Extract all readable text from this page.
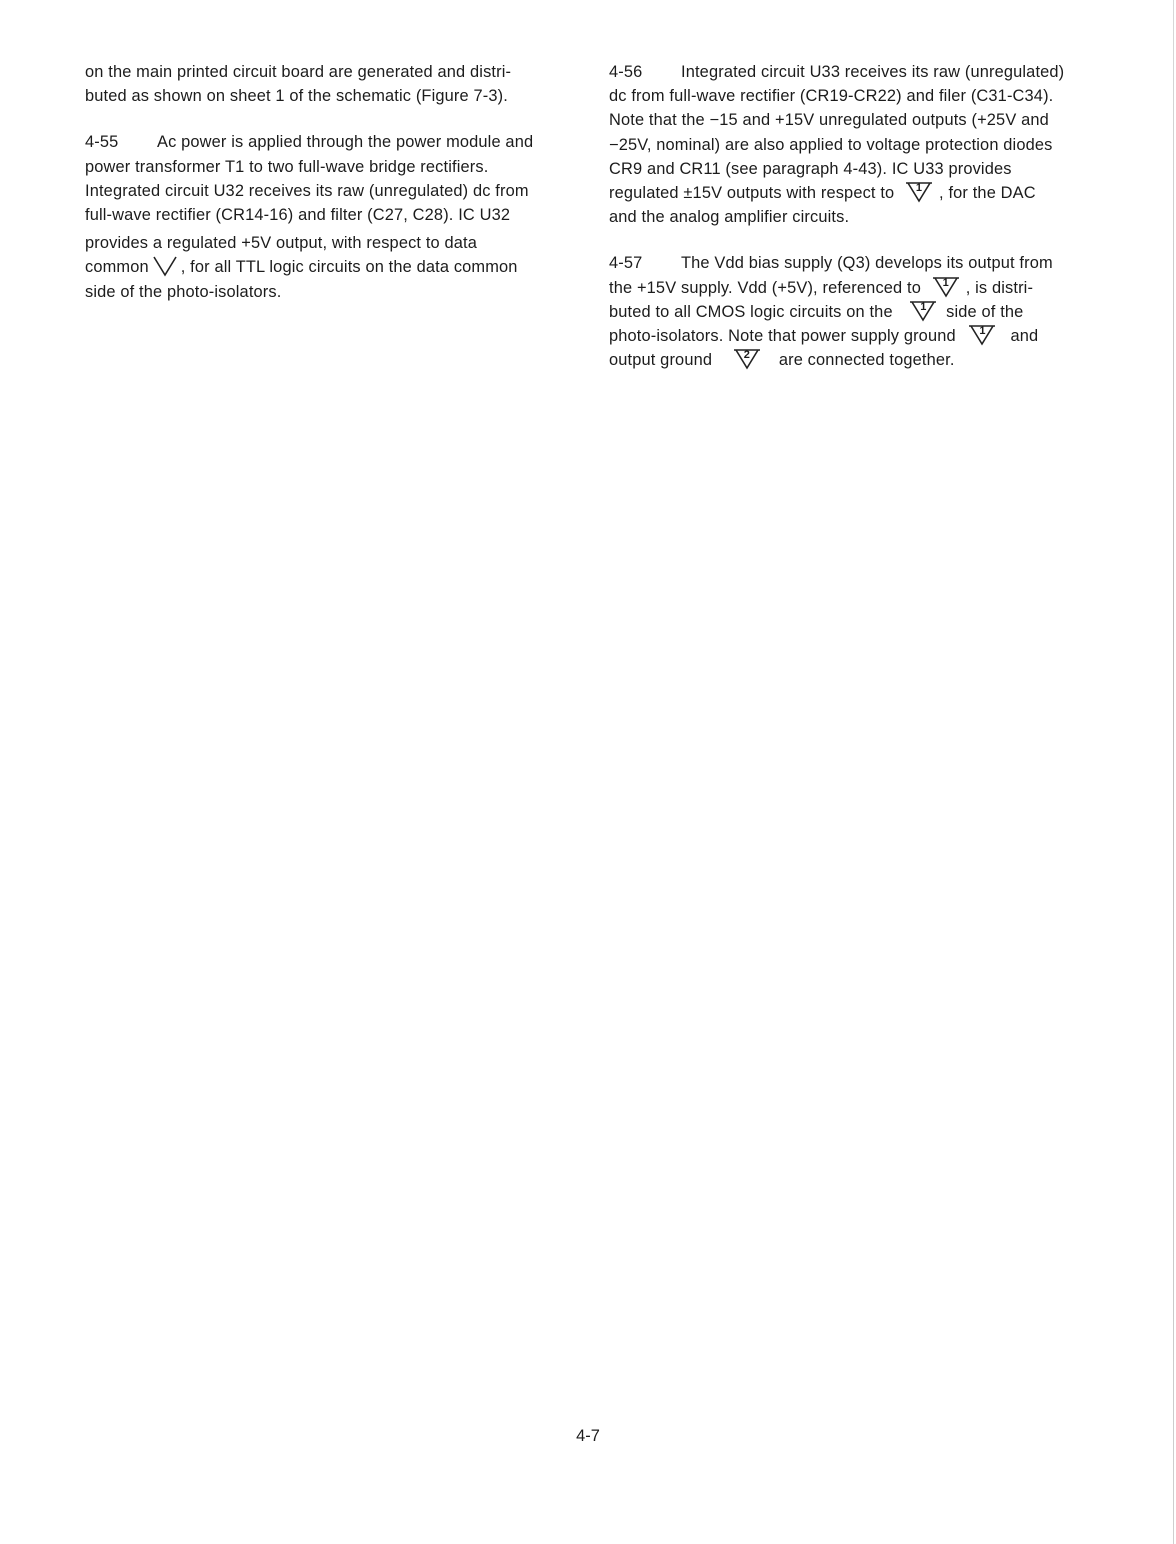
on the main printed circuit board are generated and distri-
buted as shown on sheet 1 of the schematic (Figure 7-3).
4-55 Ac power is applied through the power module and
power transformer T1 to two full-wave bridge rectifiers.
Integrated circuit U32 receives its raw (unregulated) dc from
full-wave rectifier (CR14-16) and filter (C27, C28). IC U32
provides a regulated +5V output, with respect to data
common , for all TTL logic circuits on the data common
side of the photo-isolators.
4-56 Integrated circuit U33 receives its raw (unregulated)
dc from full-wave rectifier (CR19-CR22) and filer (C31-C34).
Note that the −15 and +15V unregulated outputs (+25V and
−25V, nominal) are also applied to voltage protection diodes
CR9 and CR11 (see paragraph 4-43). IC U33 provides
regulated ±15V outputs with respect to	1	, for the DAC
and the analog amplifier circuits.
4-57 The Vdd bias supply (Q3) develops its output from
the +15V supply. Vdd (+5V), referenced to	1	, is distri-
buted to all CMOS logic circuits on the	1	side of the
photo-isolators. Note that power supply ground	1	and
output ground	2	are connected together.
4-7
